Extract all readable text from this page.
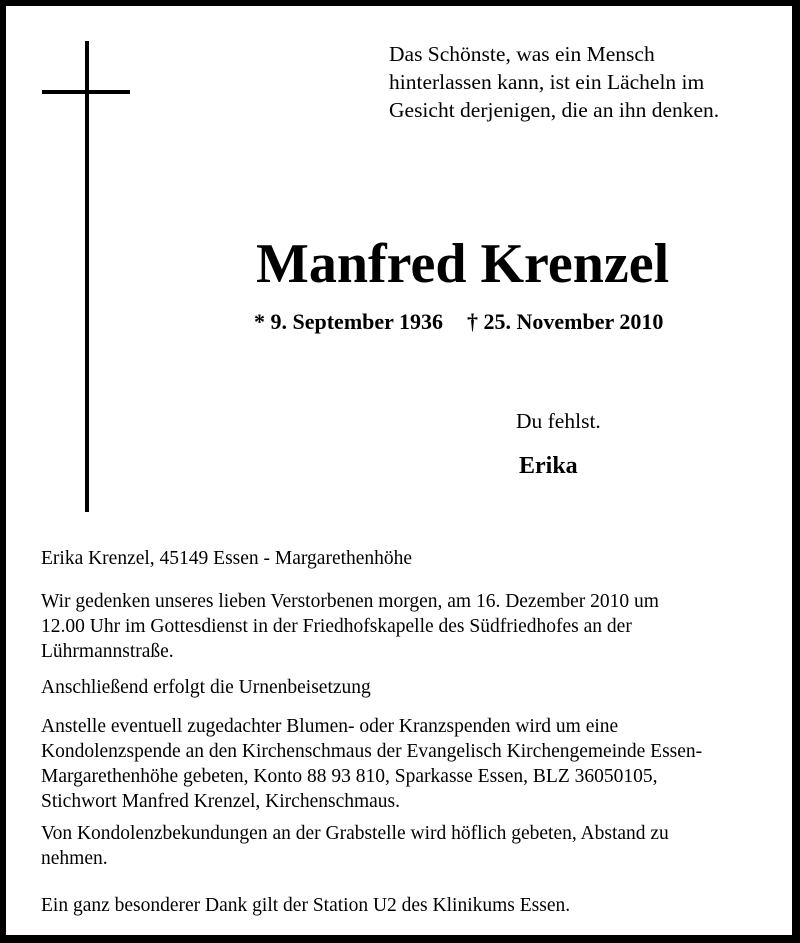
Das Schönste, was ein Mensch
hinterlassen kann, ist ein Lächeln im
Gesicht derjenigen, die an ihn denken.
Manfred Krenzel
* 9. September 1936 † 25. November 2010
Du fehlst.
Erika

Erika Krenzel, 45149 Essen - Margarethenhöhe

Wir gedenken unseres lieben Verstorbenen morgen, am 16. Dezember 2010 um
12.00 Uhr im Gottesdienst in der Friedhofskapelle des Südfriedhofes an der
Lührmannstraße.

Anschließend erfolgt die Urnenbeisetzung

Anstelle eventuell zugedachter Blumen- oder Kranzspenden wird um eine
Kondolenzspende an den Kirchenschmaus der Evangelisch Kirchengemeinde Essen-
Margarethenhöhe gebeten, Konto 88 93 810, Sparkasse Essen, BLZ 36050105,
Stichwort Manfred Krenzel, Kirchenschmaus.

Von Kondolenzbekundungen an der Grabstelle wird höflich gebeten, Abstand zu
nehmen.

Ein ganz besonderer Dank gilt der Station U2 des Klinikums Essen.
